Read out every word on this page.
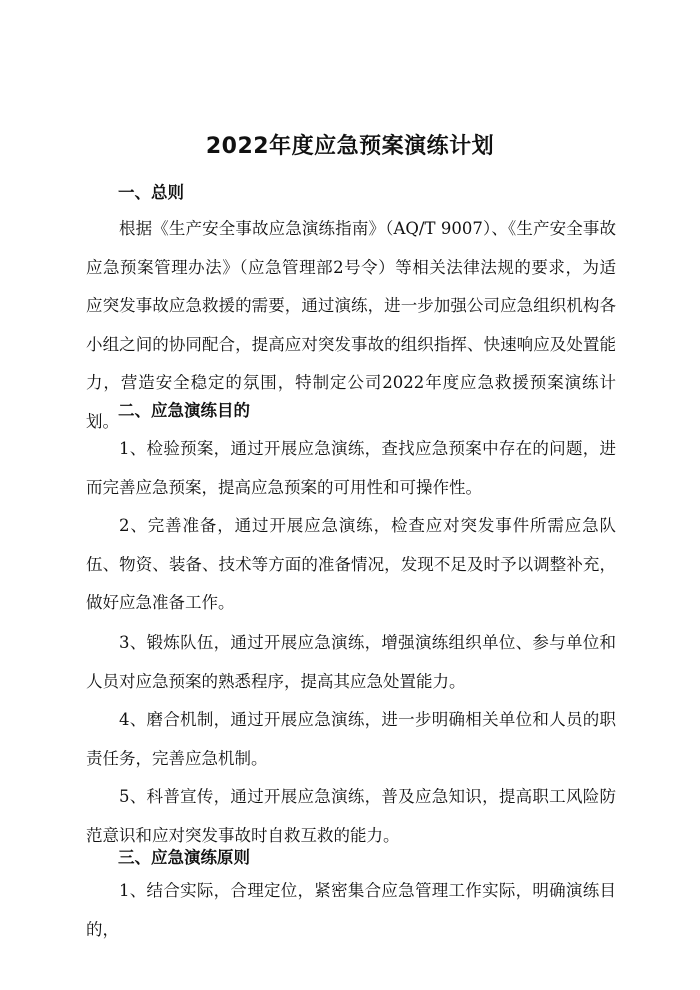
2022年度应急预案演练计划
一、总则
根据《生产安全事故应急演练指南》（AQ/T 9007）、《生产安全事故应急预案管理办法》（应急管理部2号令）等相关法律法规的要求，为适应突发事故应急救援的需要，通过演练，进一步加强公司应急组织机构各小组之间的协同配合，提高应对突发事故的组织指挥、快速响应及处置能力，营造安全稳定的氛围，特制定公司2022年度应急救援预案演练计划。
二、应急演练目的
1、检验预案，通过开展应急演练，查找应急预案中存在的问题，进而完善应急预案，提高应急预案的可用性和可操作性。
2、完善准备，通过开展应急演练，检查应对突发事件所需应急队伍、物资、装备、技术等方面的准备情况，发现不足及时予以调整补充，做好应急准备工作。
3、锻炼队伍，通过开展应急演练，增强演练组织单位、参与单位和人员对应急预案的熟悉程序，提高其应急处置能力。
4、磨合机制，通过开展应急演练，进一步明确相关单位和人员的职责任务，完善应急机制。
5、科普宣传，通过开展应急演练，普及应急知识，提高职工风险防范意识和应对突发事故时自救互救的能力。
三、应急演练原则
1、结合实际，合理定位，紧密集合应急管理工作实际，明确演练目的，
